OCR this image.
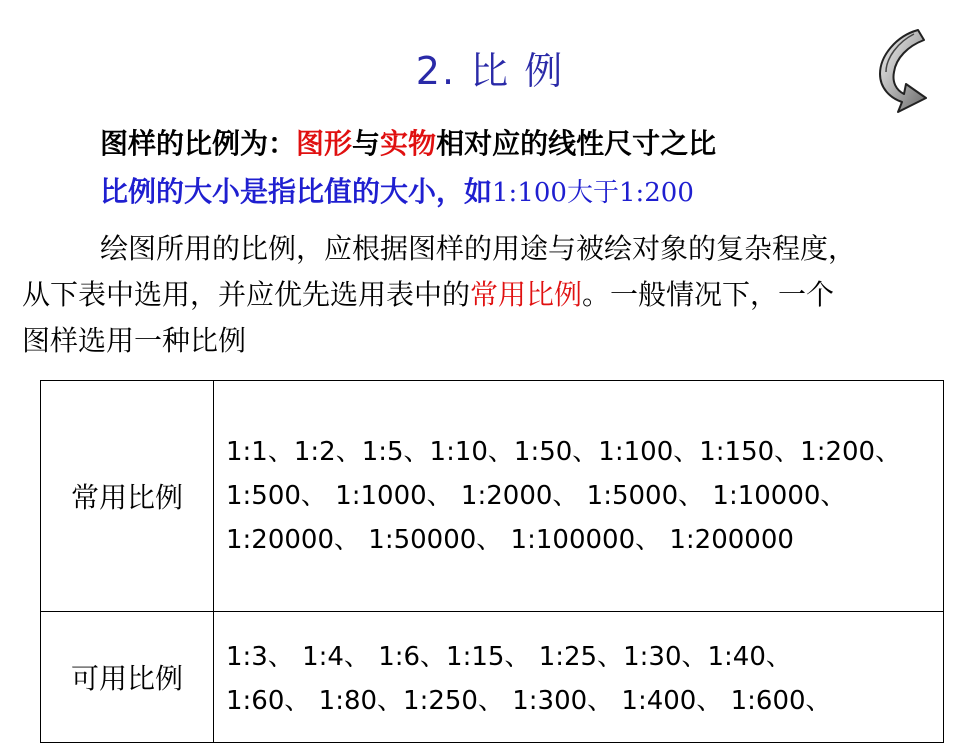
2. 比 例
图样的比例为：图形与实物相对应的线性尺寸之比
比例的大小是指比值的大小，如1:100大于1:200
绘图所用的比例，应根据图样的用途与被绘对象的复杂程度，
从下表中选用，并应优先选用表中的常用比例。一般情况下，一个
图样选用一种比例
常用比例	1:1、1:2、1:5、1:10、1:50、1:100、1:150、1:200、
1:500、 1:1000、 1:2000、 1:5000、 1:10000、
1:20000、 1:50000、 1:100000、 1:200000

可用比例	1:3、 1:4、 1:6、1:15、 1:25、1:30、1:40、
1:60、 1:80、1:250、 1:300、 1:400、 1:600、
